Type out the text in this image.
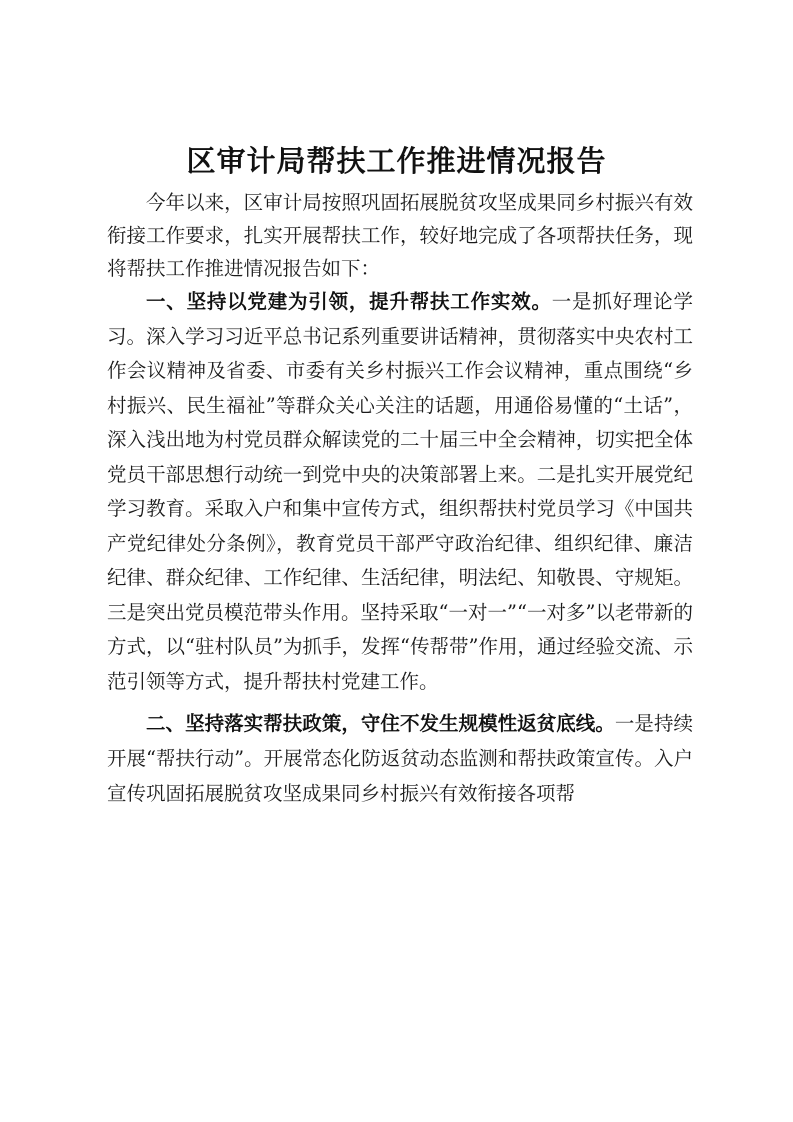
区审计局帮扶工作推进情况报告

今年以来，区审计局按照巩固拓展脱贫攻坚成果同乡村振兴有效衔接工作要求，扎实开展帮扶工作，较好地完成了各项帮扶任务，现将帮扶工作推进情况报告如下：

一、坚持以党建为引领，提升帮扶工作实效。一是抓好理论学习。深入学习习近平总书记系列重要讲话精神，贯彻落实中央农村工作会议精神及省委、市委有关乡村振兴工作会议精神，重点围绕“乡村振兴、民生福祉”等群众关心关注的话题，用通俗易懂的“土话”，深入浅出地为村党员群众解读党的二十届三中全会精神，切实把全体党员干部思想行动统一到党中央的决策部署上来。二是扎实开展党纪学习教育。采取入户和集中宣传方式，组织帮扶村党员学习《中国共产党纪律处分条例》，教育党员干部严守政治纪律、组织纪律、廉洁纪律、群众纪律、工作纪律、生活纪律，明法纪、知敬畏、守规矩。三是突出党员模范带头作用。坚持采取“一对一”“一对多”以老带新的方式，以“驻村队员”为抓手，发挥“传帮带”作用，通过经验交流、示范引领等方式，提升帮扶村党建工作。

二、坚持落实帮扶政策，守住不发生规模性返贫底线。一是持续开展“帮扶行动”。开展常态化防返贫动态监测和帮扶政策宣传。入户宣传巩固拓展脱贫攻坚成果同乡村振兴有效衔接各项帮
